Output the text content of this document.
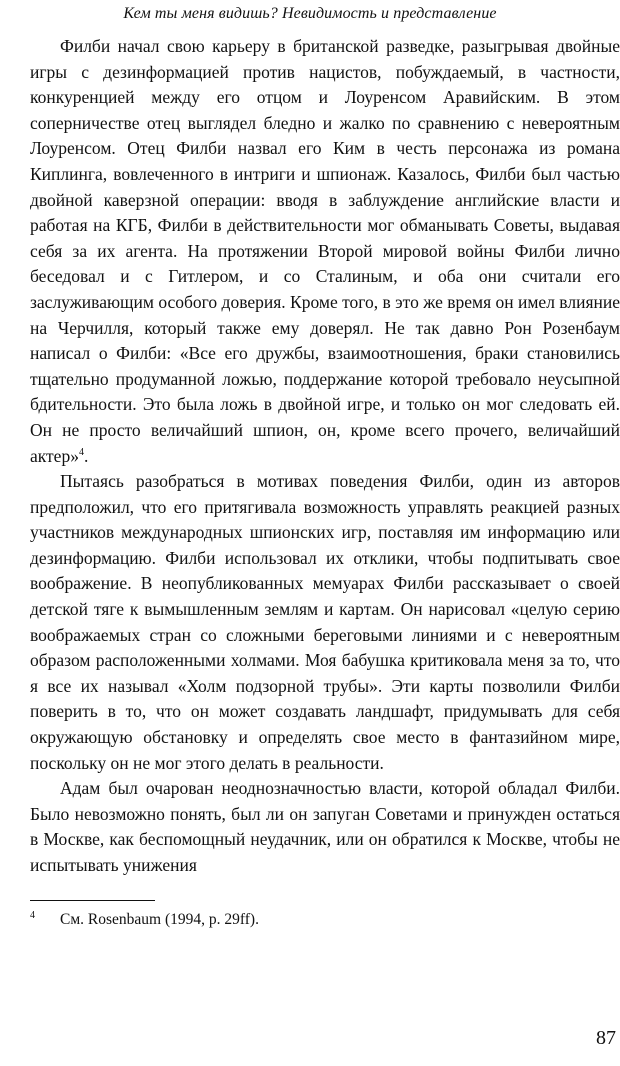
Кем ты меня видишь? Невидимость и представление

Филби начал свою карьеру в британской разведке, разыгрывая двойные игры с дезинформацией против нацистов, побуждаемый, в частности, конкуренцией между его отцом и Лоуренсом Аравийским. В этом соперничестве отец выглядел бледно и жалко по сравнению с невероятным Лоуренсом. Отец Филби назвал его Ким в честь персонажа из романа Киплинга, вовлеченного в интриги и шпионаж. Казалось, Филби был частью двойной каверзной операции: вводя в заблуждение английские власти и работая на КГБ, Филби в действительности мог обманывать Советы, выдавая себя за их агента. На протяжении Второй мировой войны Филби лично беседовал и с Гитлером, и со Сталиным, и оба они считали его заслуживающим особого доверия. Кроме того, в это же время он имел влияние на Черчилля, который также ему доверял. Не так давно Рон Розенбаум написал о Филби: «Все его дружбы, взаимоотношения, браки становились тщательно продуманной ложью, поддержание которой требовало неусыпной бдительности. Это была ложь в двойной игре, и только он мог следовать ей. Он не просто величайший шпион, он, кроме всего прочего, величайший актер»$^4$.

Пытаясь разобраться в мотивах поведения Филби, один из авторов предположил, что его притягивала возможность управлять реакцией разных участников международных шпионских игр, поставляя им информацию или дезинформацию. Филби использовал их отклики, чтобы подпитывать свое воображение. В неопубликованных мемуарах Филби рассказывает о своей детской тяге к вымышленным землям и картам. Он нарисовал «целую серию воображаемых стран со сложными береговыми линиями и с невероятным образом расположенными холмами. Моя бабушка критиковала меня за то, что я все их называл «Холм подзорной трубы». Эти карты позволили Филби поверить в то, что он может создавать ландшафт, придумывать для себя окружающую обстановку и определять свое место в фантазийном мире, поскольку он не мог этого делать в реальности.

Адам был очарован неоднозначностью власти, которой обладал Филби. Было невозможно понять, был ли он запуган Советами и принужден остаться в Москве, как беспомощный неудачник, или он обратился к Москве, чтобы не испытывать унижения

4 См. Rosenbaum (1994, p. 29ff).
87
